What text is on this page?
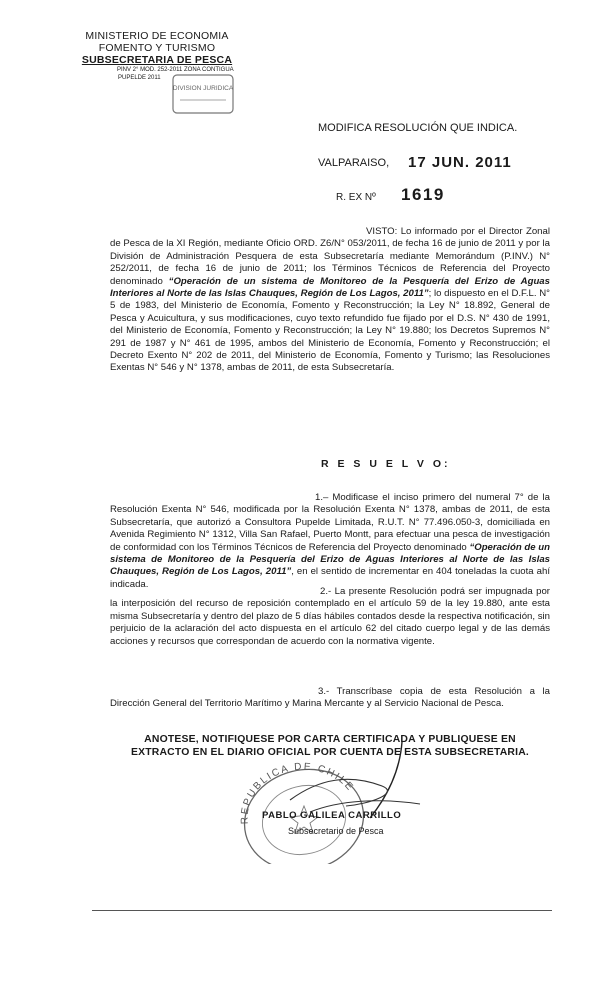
MINISTERIO DE ECONOMIA
FOMENTO Y TURISMO
SUBSECRETARIA DE PESCA
PINV 2° MOD. 252-2011 ZONA CONTIGUA
PUPELDE 2011
DIVISION JURIDICA
MODIFICA RESOLUCIÓN QUE INDICA.
VALPARAISO, 17 JUN. 2011
R. EX Nº 1619
VISTO: Lo informado por el Director Zonal de Pesca de la XI Región, mediante Oficio ORD. Z6/N° 053/2011, de fecha 16 de junio de 2011 y por la División de Administración Pesquera de esta Subsecretaría mediante Memorándum (P.INV.) N° 252/2011, de fecha 16 de junio de 2011; los Términos Técnicos de Referencia del Proyecto denominado “Operación de un sistema de Monitoreo de la Pesquería del Erizo de Aguas Interiores al Norte de las Islas Chauques, Región de Los Lagos, 2011”; lo dispuesto en el D.F.L. N° 5 de 1983, del Ministerio de Economía, Fomento y Reconstrucción; la Ley N° 18.892, General de Pesca y Acuicultura, y sus modificaciones, cuyo texto refundido fue fijado por el D.S. N° 430 de 1991, del Ministerio de Economía, Fomento y Reconstrucción; la Ley N° 19.880; los Decretos Supremos N° 291 de 1987 y N° 461 de 1995, ambos del Ministerio de Economía, Fomento y Reconstrucción; el Decreto Exento N° 202 de 2011, del Ministerio de Economía, Fomento y Turismo; las Resoluciones Exentas N° 546 y N° 1378, ambas de 2011, de esta Subsecretaría.
R E S U E L V O:
1.– Modificase el inciso primero del numeral 7° de la Resolución Exenta N° 546, modificada por la Resolución Exenta N° 1378, ambas de 2011, de esta Subsecretaría, que autorizó a Consultora Pupelde Limitada, R.U.T. N° 77.496.050-3, domiciliada en Avenida Regimiento N° 1312, Villa San Rafael, Puerto Montt, para efectuar una pesca de investigación de conformidad con los Términos Técnicos de Referencia del Proyecto denominado “Operación de un sistema de Monitoreo de la Pesquería del Erizo de Aguas Interiores al Norte de las Islas Chauques, Región de Los Lagos, 2011”, en el sentido de incrementar en 404 toneladas la cuota ahí indicada.
2.- La presente Resolución podrá ser impugnada por la interposición del recurso de reposición contemplado en el artículo 59 de la ley 19.880, ante esta misma Subsecretaría y dentro del plazo de 5 días hábiles contados desde la respectiva notificación, sin perjuicio de la aclaración del acto dispuesta en el artículo 62 del citado cuerpo legal y de las demás acciones y recursos que correspondan de acuerdo con la normativa vigente.
3.- Transcríbase copia de esta Resolución a la Dirección General del Territorio Marítimo y Marina Mercante y al Servicio Nacional de Pesca.
ANOTESE, NOTIFIQUESE POR CARTA CERTIFICADA Y PUBLIQUESE EN
EXTRACTO EN EL DIARIO OFICIAL POR CUENTA DE ESTA SUBSECRETARIA.
REPUBLICA DE CHILE
PABLO GALILEA CARRILLO
Subsecretario de Pesca
